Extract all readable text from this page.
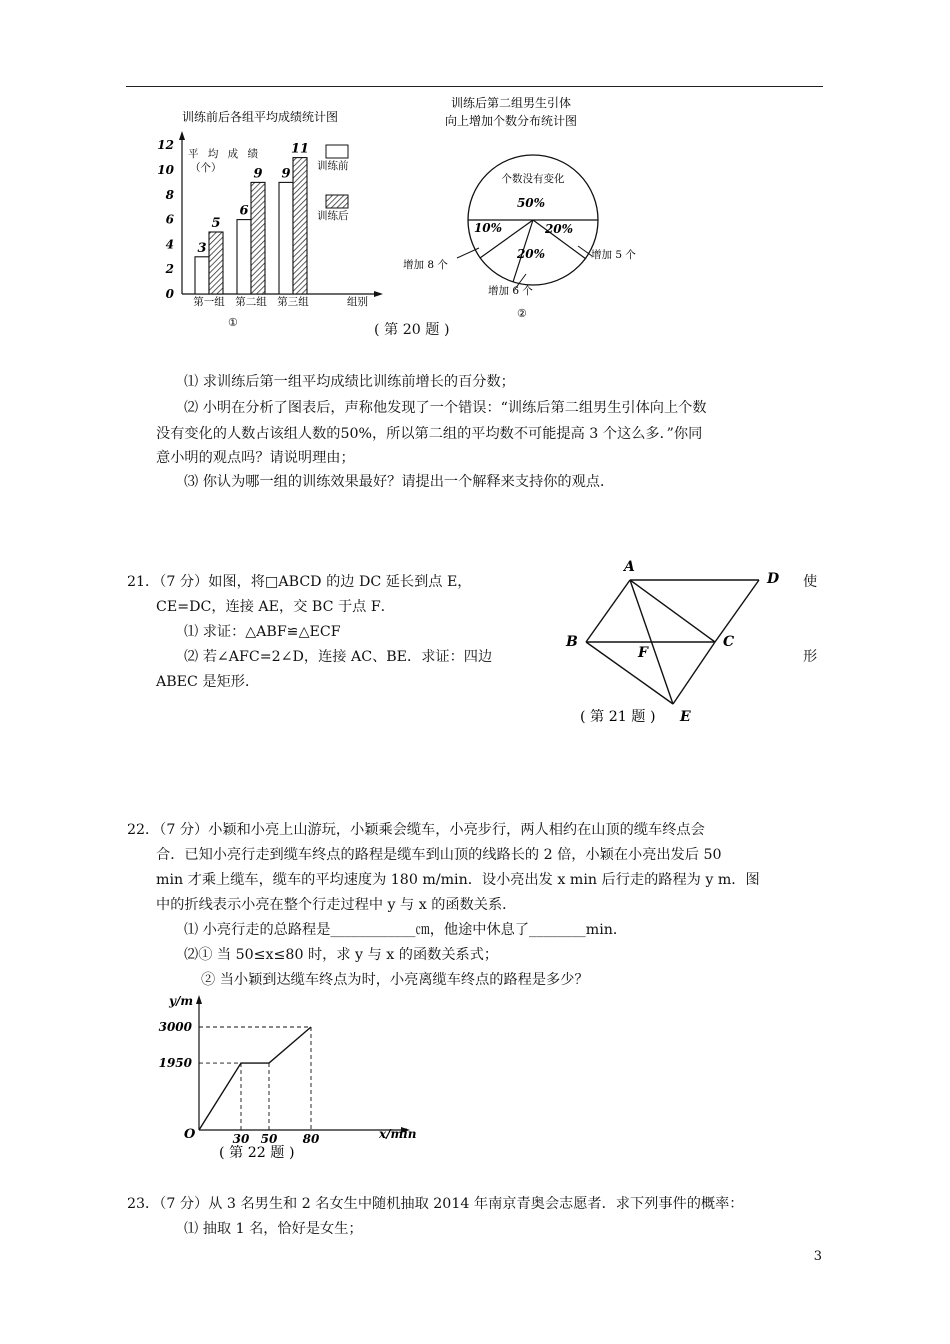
训练前后各组平均成绩统计图
0
2
4
6
8
10
12
平 均 成 绩
（个）
3
5
6
9 9
11
第一组 第二组 第三组	组别
训练前
训练后
①
训练后第二组男生引体
向上增加个数分布统计图
个数没有变化
50%
10%	20%
20%
增加 8 个
增加 6 个
增加 5 个
②
( 第 20 题 )
⑴ 求训练后第一组平均成绩比训练前增长的百分数；
⑵ 小明在分析了图表后，声称他发现了一个错误：“训练后第二组男生引体向上个数
没有变化的人数占该组人数的50%，所以第二组的平均数不可能提高 3 个这么多．”你同
意小明的观点吗？请说明理由；
⑶ 你认为哪一组的训练效果最好？请提出一个解释来支持你的观点．
21．（7 分）如图，将□ABCD 的边 DC 延长到点 E，	使
CE=DC，连接 AE，交 BC 于点 F．
⑴ 求证：△ABF≌△ECF
⑵ 若∠AFC=2∠D，连接 AC、BE．求证：四边	形
ABEC 是矩形．
A
D
B	C
F
E
( 第 21 题 )
22．（7 分）小颖和小亮上山游玩，小颖乘会缆车，小亮步行，两人相约在山顶的缆车终点会
合．已知小亮行走到缆车终点的路程是缆车到山顶的线路长的 2 倍，小颖在小亮出发后 50
min 才乘上缆车，缆车的平均速度为 180 m/min．设小亮出发 x min 后行走的路程为 y m．图
中的折线表示小亮在整个行走过程中 y 与 x 的函数关系．
⑴ 小亮行走的总路程是____________㎝，他途中休息了________min．
⑵① 当 50≤x≤80 时，求 y 与 x 的函数关系式；
② 当小颖到达缆车终点为时，小亮离缆车终点的路程是多少？
y/m
x/min
O
3000
1950
30 50 80
( 第 22 题 )
23．（7 分）从 3 名男生和 2 名女生中随机抽取 2014 年南京青奥会志愿者．求下列事件的概率：
⑴ 抽取 1 名，恰好是女生；
3
